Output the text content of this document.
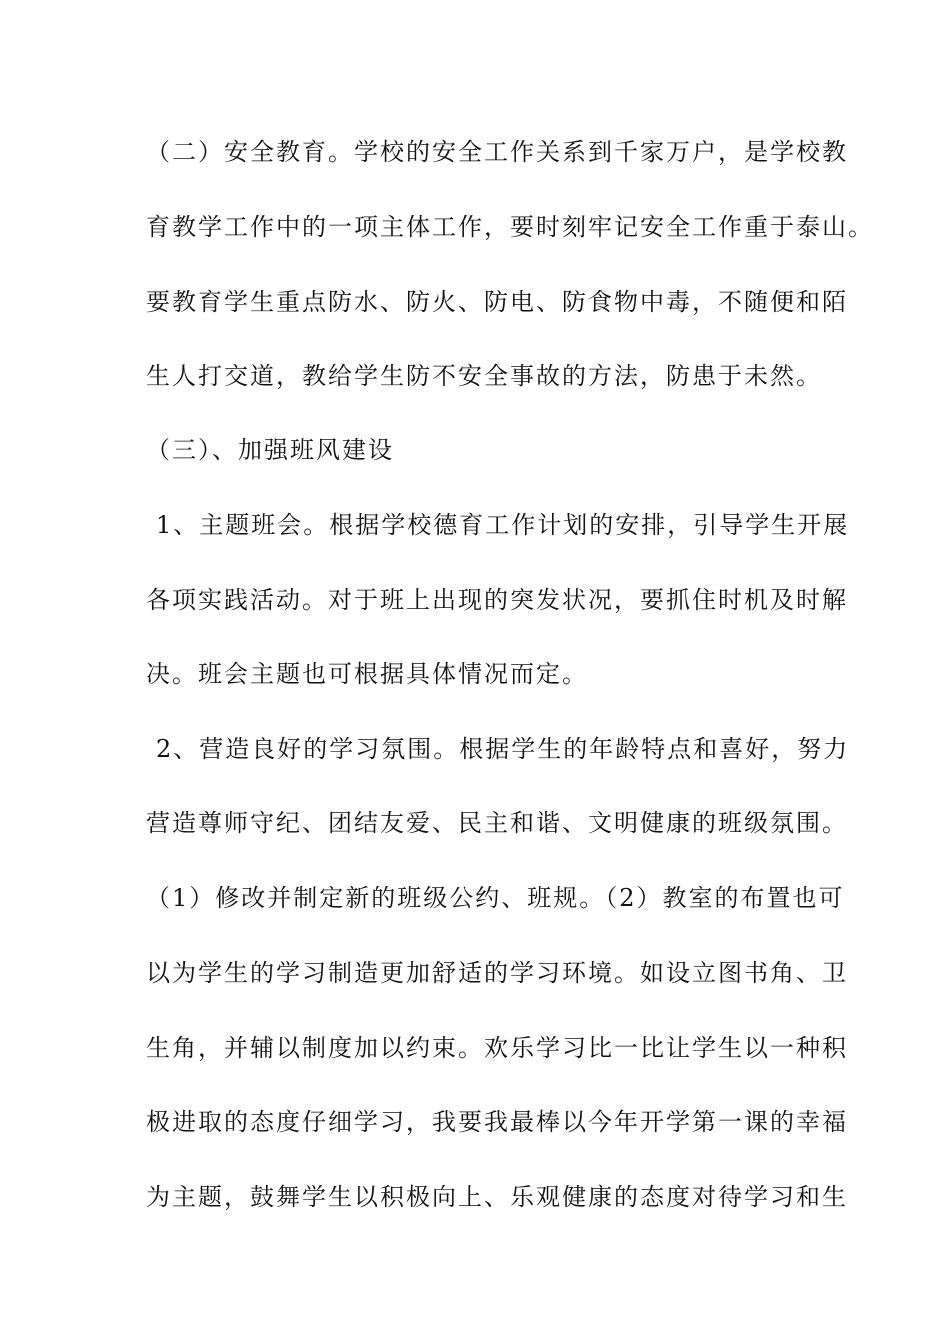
（二）安全教育。学校的安全工作关系到千家万户，是学校教
育教学工作中的一项主体工作，要时刻牢记安全工作重于泰山。
要教育学生重点防水、防火、防电、防食物中毒，不随便和陌
生人打交道，教给学生防不安全事故的方法，防患于未然。
（三）、加强班风建设
1、主题班会。根据学校德育工作计划的安排，引导学生开展
各项实践活动。对于班上出现的突发状况，要抓住时机及时解
决。班会主题也可根据具体情况而定。
2、营造良好的学习氛围。根据学生的年龄特点和喜好，努力
营造尊师守纪、团结友爱、民主和谐、文明健康的班级氛围。
（1）修改并制定新的班级公约、班规。（2）教室的布置也可
以为学生的学习制造更加舒适的学习环境。如设立图书角、卫
生角，并辅以制度加以约束。欢乐学习比一比让学生以一种积
极进取的态度仔细学习，我要我最棒以今年开学第一课的幸福
为主题，鼓舞学生以积极向上、乐观健康的态度对待学习和生
